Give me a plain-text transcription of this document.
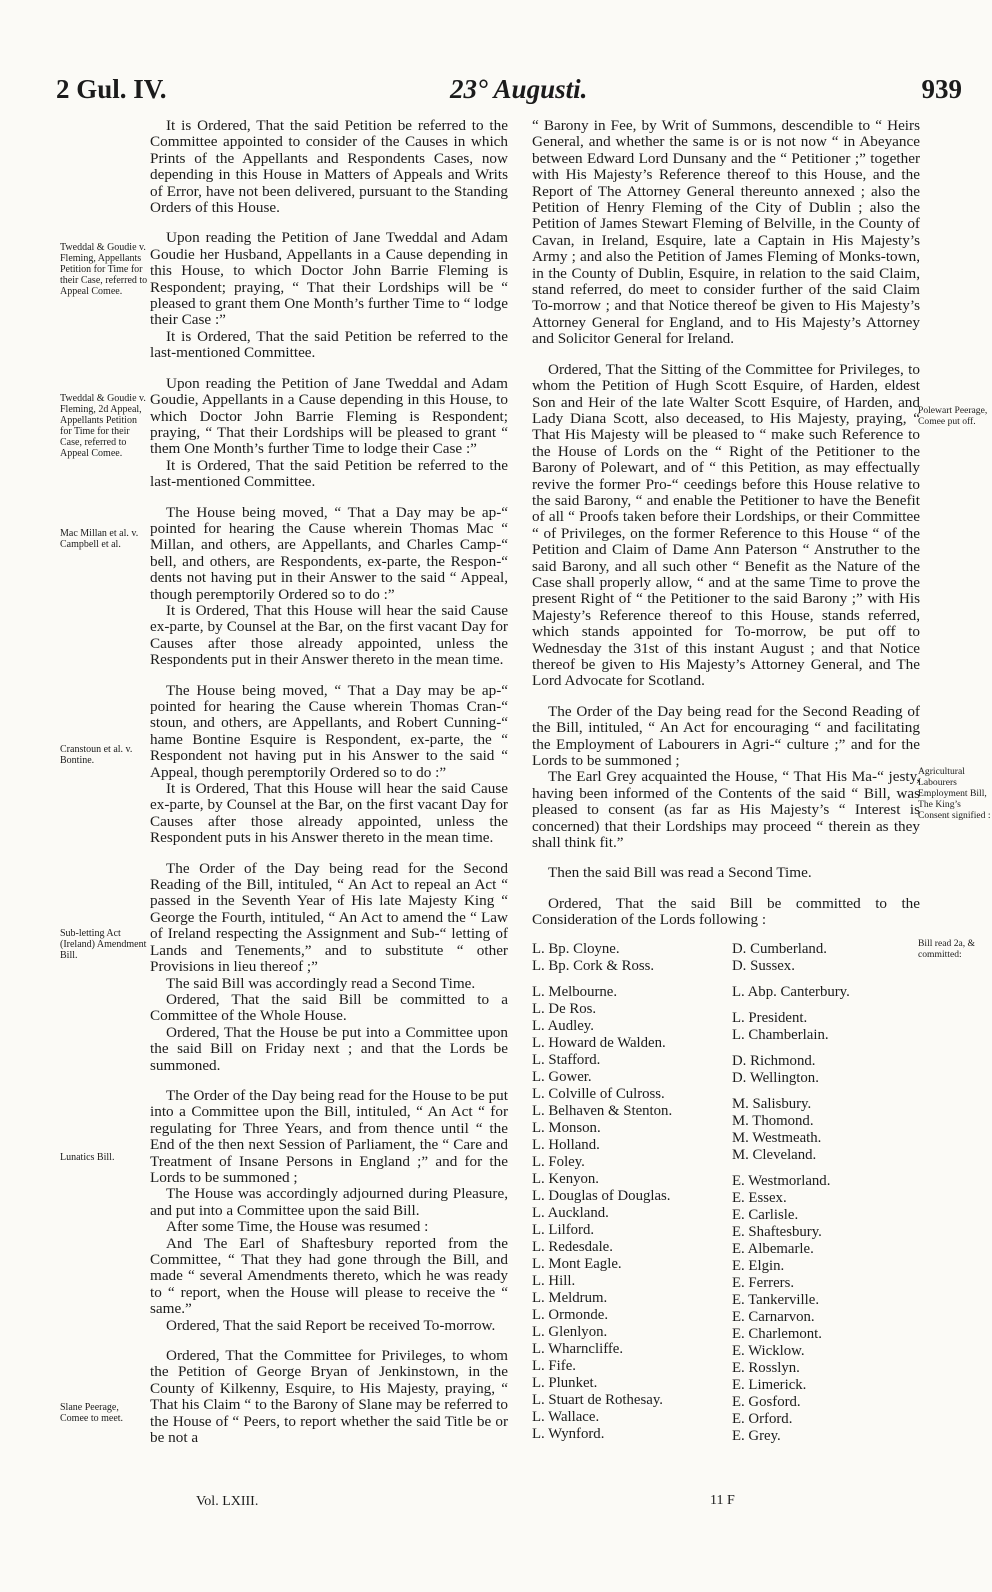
2 Gul. IV.	23° Augusti.	939
Tweddal & Goudie v. Fleming, Appellants Petition for Time for their Case, referred to Appeal Comee.
Tweddal & Goudie v. Fleming, 2d Appeal, Appellants Petition for Time for their Case, referred to Appeal Comee.
Mac Millan et al. v. Campbell et al.
Cranstoun et al. v. Bontine.
Sub-letting Act (Ireland) Amendment Bill.
Lunatics Bill.
Slane Peerage, Comee to meet.
Polewart Peerage, Comee put off.
Agricultural Labourers Employment Bill, The King’s Consent signified :
Bill read 2a, & committed:

It is Ordered, That the said Petition be referred to the Committee appointed to consider of the Causes in which Prints of the Appellants and Respondents Cases, now depending in this House in Matters of Appeals and Writs of Error, have not been delivered, pursuant to the Standing Orders of this House.

Upon reading the Petition of Jane Tweddal and Adam Goudie her Husband, Appellants in a Cause depending in this House, to which Doctor John Barrie Fleming is Respondent; praying, “ That their Lordships will be “ pleased to grant them One Month’s further Time to “ lodge their Case :”

It is Ordered, That the said Petition be referred to the last-mentioned Committee.

Upon reading the Petition of Jane Tweddal and Adam Goudie, Appellants in a Cause depending in this House, to which Doctor John Barrie Fleming is Respondent; praying, “ That their Lordships will be pleased to grant “ them One Month’s further Time to lodge their Case :”

It is Ordered, That the said Petition be referred to the last-mentioned Committee.

The House being moved, “ That a Day may be ap-“ pointed for hearing the Cause wherein Thomas Mac “ Millan, and others, are Appellants, and Charles Camp-“ bell, and others, are Respondents, ex-parte, the Respon-“ dents not having put in their Answer to the said “ Appeal, though peremptorily Ordered so to do :”

It is Ordered, That this House will hear the said Cause ex-parte, by Counsel at the Bar, on the first vacant Day for Causes after those already appointed, unless the Respondents put in their Answer thereto in the mean time.

The House being moved, “ That a Day may be ap-“ pointed for hearing the Cause wherein Thomas Cran-“ stoun, and others, are Appellants, and Robert Cunning-“ hame Bontine Esquire is Respondent, ex-parte, the “ Respondent not having put in his Answer to the said “ Appeal, though peremptorily Ordered so to do :”

It is Ordered, That this House will hear the said Cause ex-parte, by Counsel at the Bar, on the first vacant Day for Causes after those already appointed, unless the Respondent puts in his Answer thereto in the mean time.

The Order of the Day being read for the Second Reading of the Bill, intituled, “ An Act to repeal an Act “ passed in the Seventh Year of His late Majesty King “ George the Fourth, intituled, “ An Act to amend the “ Law of Ireland respecting the Assignment and Sub-“ letting of Lands and Tenements,” and to substitute “ other Provisions in lieu thereof ;”

The said Bill was accordingly read a Second Time.

Ordered, That the said Bill be committed to a Committee of the Whole House.

Ordered, That the House be put into a Committee upon the said Bill on Friday next ; and that the Lords be summoned.

The Order of the Day being read for the House to be put into a Committee upon the Bill, intituled, “ An Act “ for regulating for Three Years, and from thence until “ the End of the then next Session of Parliament, the “ Care and Treatment of Insane Persons in England ;” and for the Lords to be summoned ;

The House was accordingly adjourned during Pleasure, and put into a Committee upon the said Bill.

After some Time, the House was resumed :

And The Earl of Shaftesbury reported from the Committee, “ That they had gone through the Bill, and made “ several Amendments thereto, which he was ready to “ report, when the House will please to receive the “ same.”

Ordered, That the said Report be received To-morrow.

Ordered, That the Committee for Privileges, to whom the Petition of George Bryan of Jenkinstown, in the County of Kilkenny, Esquire, to His Majesty, praying, “ That his Claim “ to the Barony of Slane may be referred to the House of “ Peers, to report whether the said Title be or be not a

“ Barony in Fee, by Writ of Summons, descendible to “ Heirs General, and whether the same is or is not now “ in Abeyance between Edward Lord Dunsany and the “ Petitioner ;” together with His Majesty’s Reference thereof to this House, and the Report of The Attorney General thereunto annexed ; also the Petition of Henry Fleming of the City of Dublin ; also the Petition of James Stewart Fleming of Belville, in the County of Cavan, in Ireland, Esquire, late a Captain in His Majesty’s Army ; and also the Petition of James Fleming of Monks-town, in the County of Dublin, Esquire, in relation to the said Claim, stand referred, do meet to consider further of the said Claim To-morrow ; and that Notice thereof be given to His Majesty’s Attorney General for England, and to His Majesty’s Attorney and Solicitor General for Ireland.

Ordered, That the Sitting of the Committee for Privileges, to whom the Petition of Hugh Scott Esquire, of Harden, eldest Son and Heir of the late Walter Scott Esquire, of Harden, and Lady Diana Scott, also deceased, to His Majesty, praying, “ That His Majesty will be pleased to “ make such Reference to the House of Lords on the “ Right of the Petitioner to the Barony of Polewart, and of “ this Petition, as may effectually revive the former Pro-“ ceedings before this House relative to the said Barony, “ and enable the Petitioner to have the Benefit of all “ Proofs taken before their Lordships, or their Committee “ of Privileges, on the former Reference to this House “ of the Petition and Claim of Dame Ann Paterson “ Anstruther to the said Barony, and all such other “ Benefit as the Nature of the Case shall properly allow, “ and at the same Time to prove the present Right of “ the Petitioner to the said Barony ;” with His Majesty’s Reference thereof to this House, stands referred, which stands appointed for To-morrow, be put off to Wednesday the 31st of this instant August ; and that Notice thereof be given to His Majesty’s Attorney General, and The Lord Advocate for Scotland.

The Order of the Day being read for the Second Reading of the Bill, intituled, “ An Act for encouraging “ and facilitating the Employment of Labourers in Agri-“ culture ;” and for the Lords to be summoned ;

The Earl Grey acquainted the House, “ That His Ma-“ jesty, having been informed of the Contents of the said “ Bill, was pleased to consent (as far as His Majesty’s “ Interest is concerned) that their Lordships may proceed “ therein as they shall think fit.”

Then the said Bill was read a Second Time.

Ordered, That the said Bill be committed to the Consideration of the Lords following :

L. Bp. Cloyne.
L. Bp. Cork & Ross.
L. Melbourne.
L. De Ros.
L. Audley.
L. Howard de Walden.
L. Stafford.
L. Gower.
L. Colville of Culross.
L. Belhaven & Stenton.
L. Monson.
L. Holland.
L. Foley.
L. Kenyon.
L. Douglas of Douglas.
L. Auckland.
L. Lilford.
L. Redesdale.
L. Mont Eagle.
L. Hill.
L. Meldrum.
L. Ormonde.
L. Glenlyon.
L. Wharncliffe.
L. Fife.
L. Plunket.
L. Stuart de Rothesay.
L. Wallace.
L. Wynford.
D. Cumberland.
D. Sussex.
L. Abp. Canterbury.
L. President.
L. Chamberlain.
D. Richmond.
D. Wellington.
M. Salisbury.
M. Thomond.
M. Westmeath.
M. Cleveland.
E. Westmorland.
E. Essex.
E. Carlisle.
E. Shaftesbury.
E. Albemarle.
E. Elgin.
E. Ferrers.
E. Tankerville.
E. Carnarvon.
E. Charlemont.
E. Wicklow.
E. Rosslyn.
E. Limerick.
E. Gosford.
E. Orford.
E. Grey.
Vol. LXIII.	11 F
